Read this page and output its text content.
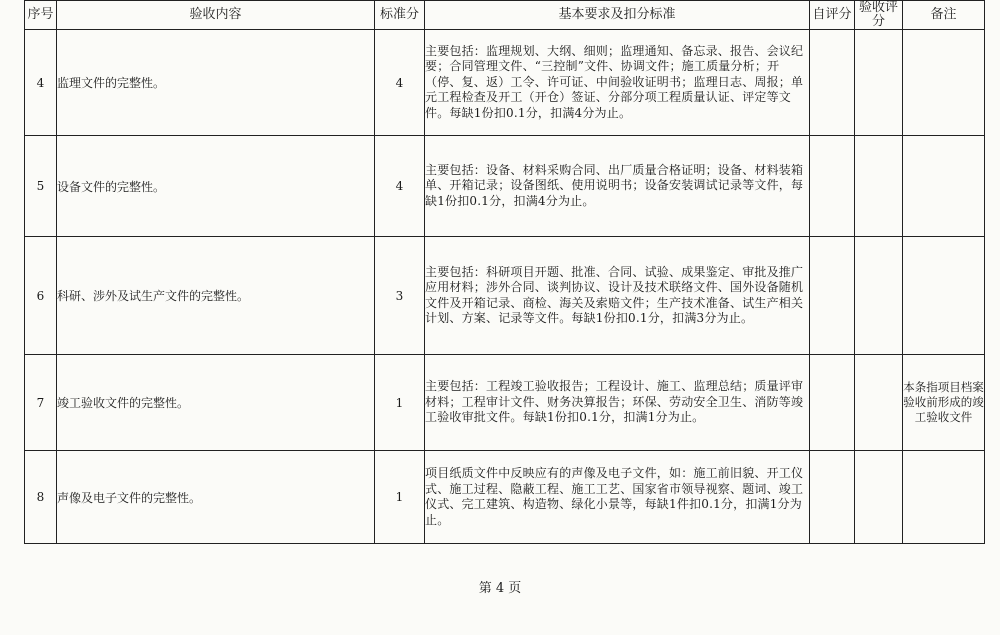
序号	验收内容	标准分	基本要求及扣分标准	自评分	验收评分	备注
4	监理文件的完整性。	4	主要包括：监理规划、大纲、细则；监理通知、备忘录、报告、会议纪要；合同管理文件、“三控制”文件、协调文件；施工质量分析；开（停、复、返）工令、许可证、中间验收证明书；监理日志、周报；单元工程检查及开工（开仓）签证、分部分项工程质量认证、评定等文件。每缺1份扣0.1分，扣满4分为止。			
5	设备文件的完整性。	4	主要包括：设备、材料采购合同、出厂质量合格证明；设备、材料装箱单、开箱记录；设备图纸、使用说明书；设备安装调试记录等文件，每缺1份扣0.1分，扣满4分为止。			
6	科研、涉外及试生产文件的完整性。	3	主要包括：科研项目开题、批准、合同、试验、成果鉴定、审批及推广应用材料；涉外合同、谈判协议、设计及技术联络文件、国外设备随机文件及开箱记录、商检、海关及索赔文件；生产技术准备、试生产相关计划、方案、记录等文件。每缺1份扣0.1分，扣满3分为止。			
7	竣工验收文件的完整性。	1	主要包括：工程竣工验收报告；工程设计、施工、监理总结；质量评审材料；工程审计文件、财务决算报告；环保、劳动安全卫生、消防等竣工验收审批文件。每缺1份扣0.1分，扣满1分为止。			本条指项目档案验收前形成的竣工验收文件
8	声像及电子文件的完整性。	1	项目纸质文件中反映应有的声像及电子文件，如：施工前旧貌、开工仪式、施工过程、隐蔽工程、施工工艺、国家省市领导视察、题词、竣工仪式、完工建筑、构造物、绿化小景等，每缺1件扣0.1分，扣满1分为止。			
第 4 页
